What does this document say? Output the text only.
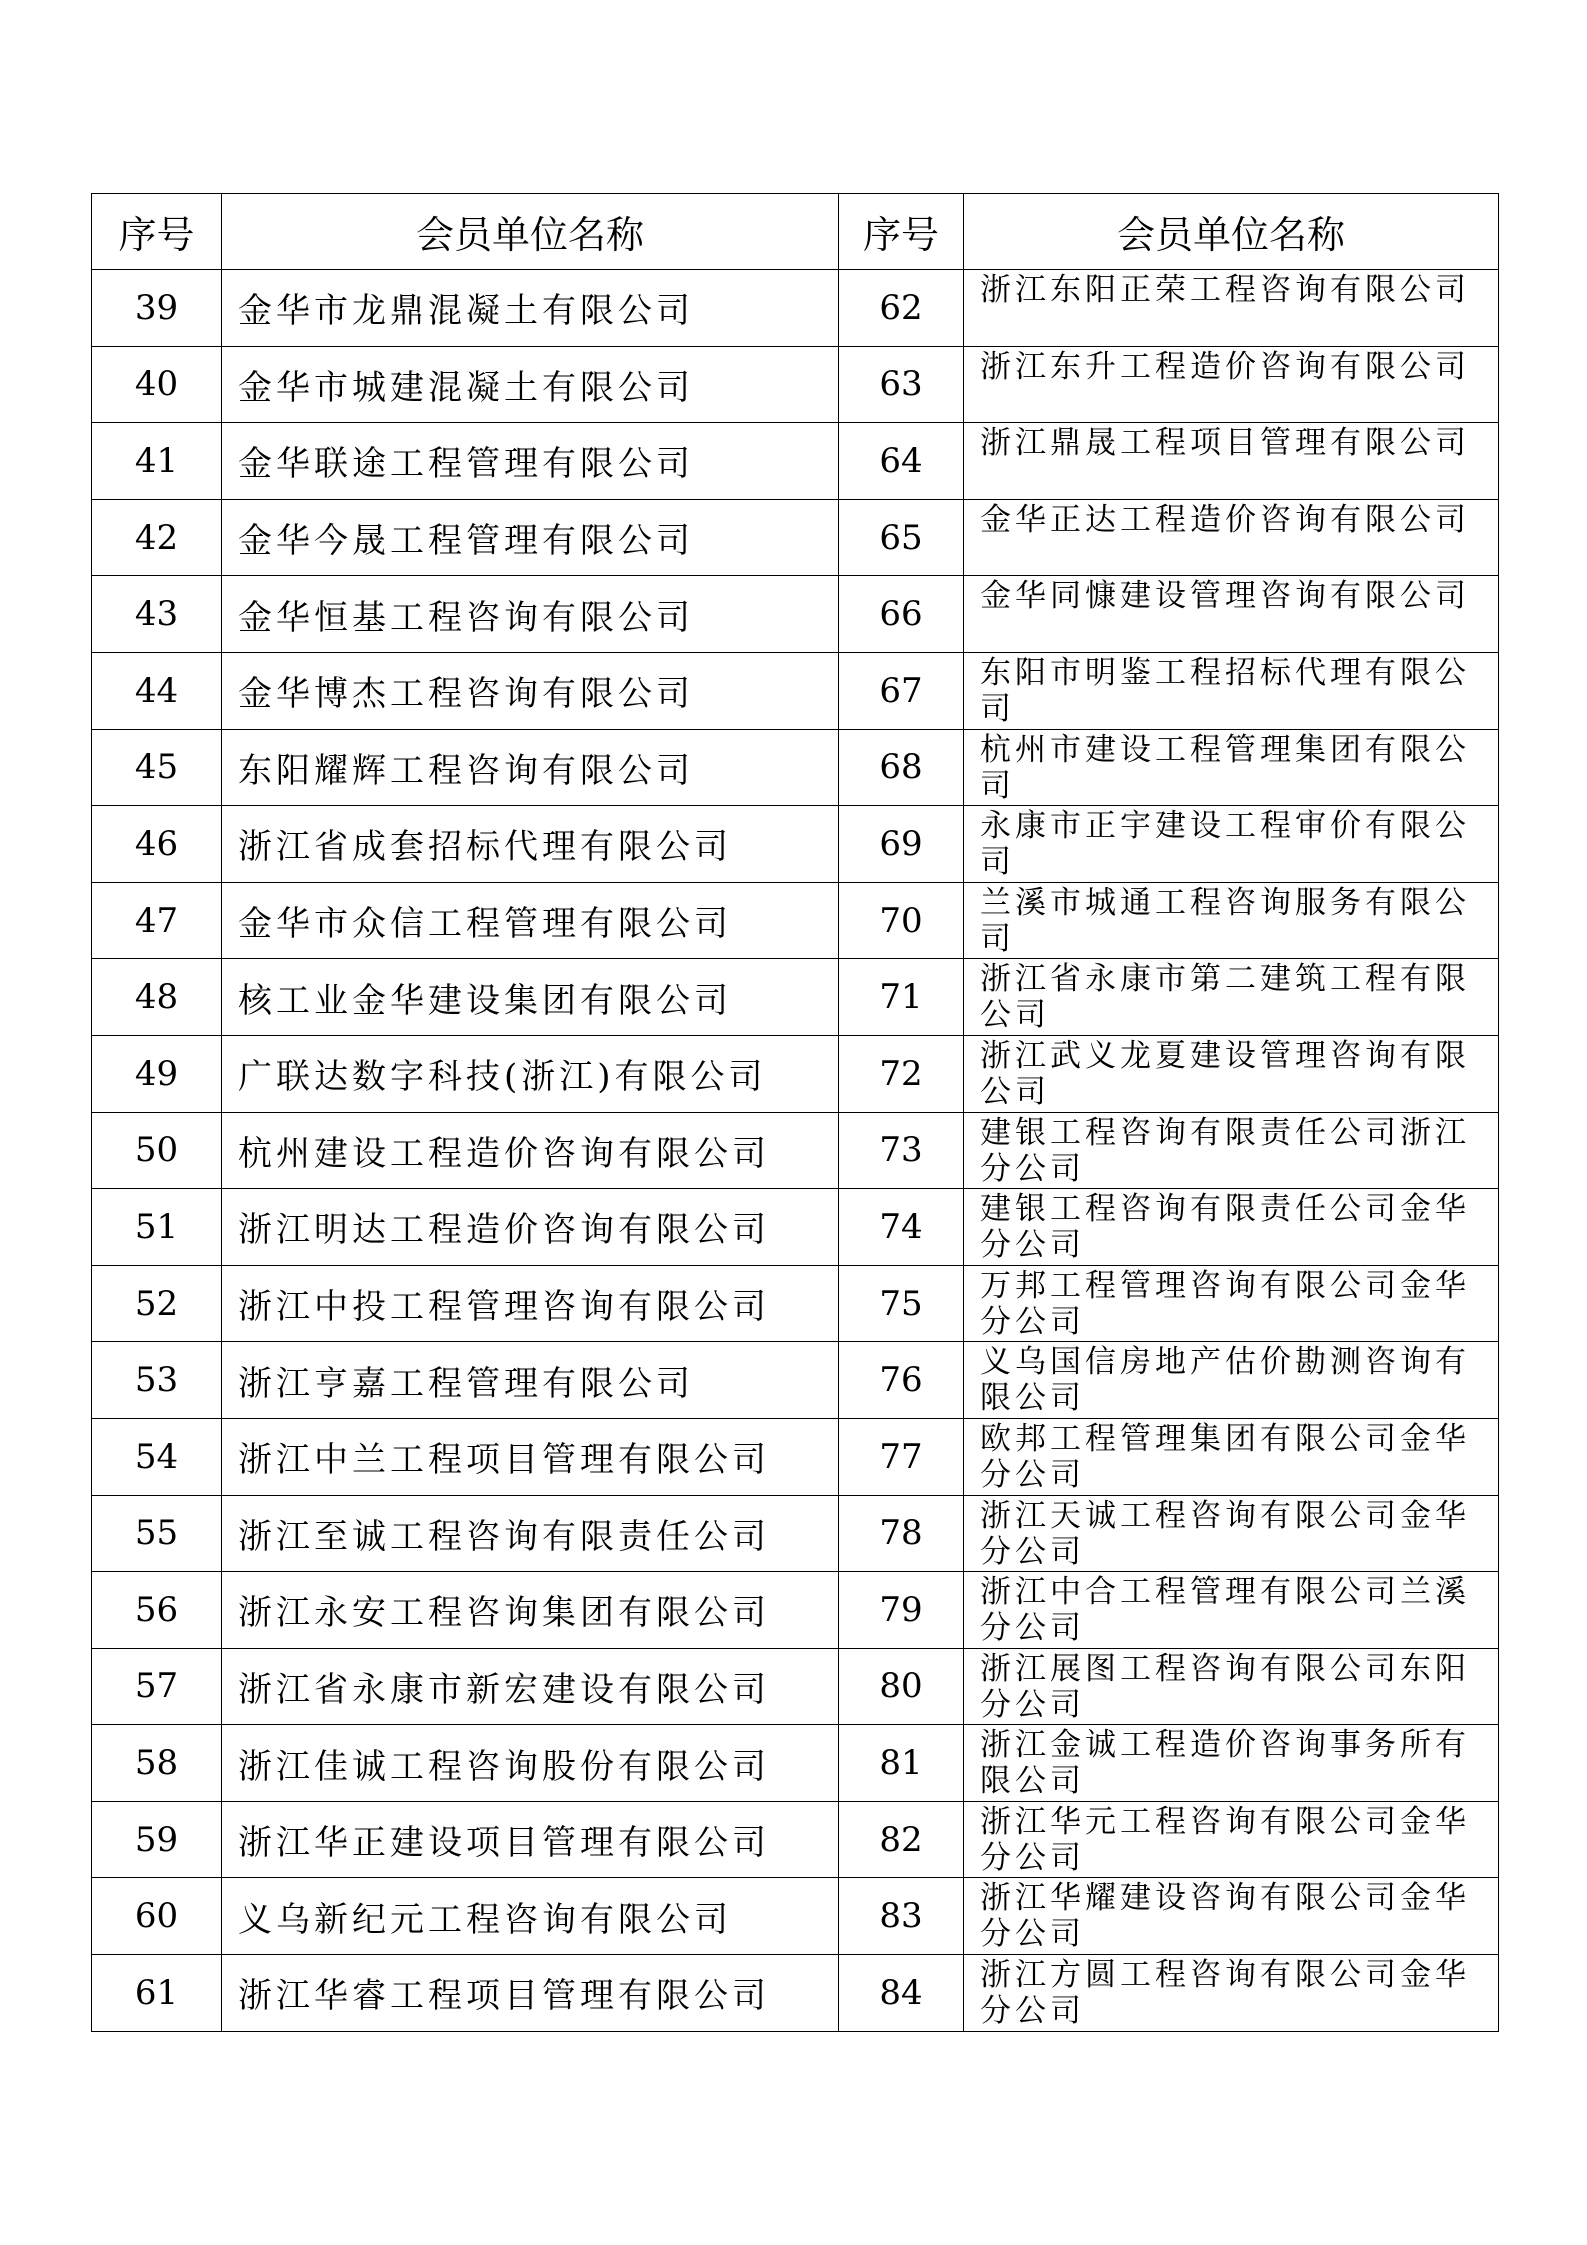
序号	会员单位名称	序号	会员单位名称
39	金华市龙鼎混凝土有限公司	62	浙江东阳正荣工程咨询有限公司
40	金华市城建混凝土有限公司	63	浙江东升工程造价咨询有限公司
41	金华联途工程管理有限公司	64	浙江鼎晟工程项目管理有限公司
42	金华今晟工程管理有限公司	65	金华正达工程造价咨询有限公司
43	金华恒基工程咨询有限公司	66	金华同慷建设管理咨询有限公司
44	金华博杰工程咨询有限公司	67	东阳市明鉴工程招标代理有限公司
45	东阳耀辉工程咨询有限公司	68	杭州市建设工程管理集团有限公司
46	浙江省成套招标代理有限公司	69	永康市正宇建设工程审价有限公司
47	金华市众信工程管理有限公司	70	兰溪市城通工程咨询服务有限公司
48	核工业金华建设集团有限公司	71	浙江省永康市第二建筑工程有限公司
49	广联达数字科技(浙江)有限公司	72	浙江武义龙夏建设管理咨询有限公司
50	杭州建设工程造价咨询有限公司	73	建银工程咨询有限责任公司浙江分公司
51	浙江明达工程造价咨询有限公司	74	建银工程咨询有限责任公司金华分公司
52	浙江中投工程管理咨询有限公司	75	万邦工程管理咨询有限公司金华分公司
53	浙江亨嘉工程管理有限公司	76	义乌国信房地产估价勘测咨询有限公司
54	浙江中兰工程项目管理有限公司	77	欧邦工程管理集团有限公司金华分公司
55	浙江至诚工程咨询有限责任公司	78	浙江天诚工程咨询有限公司金华分公司
56	浙江永安工程咨询集团有限公司	79	浙江中合工程管理有限公司兰溪分公司
57	浙江省永康市新宏建设有限公司	80	浙江展图工程咨询有限公司东阳分公司
58	浙江佳诚工程咨询股份有限公司	81	浙江金诚工程造价咨询事务所有限公司
59	浙江华正建设项目管理有限公司	82	浙江华元工程咨询有限公司金华分公司
60	义乌新纪元工程咨询有限公司	83	浙江华耀建设咨询有限公司金华分公司
61	浙江华睿工程项目管理有限公司	84	浙江方圆工程咨询有限公司金华分公司
